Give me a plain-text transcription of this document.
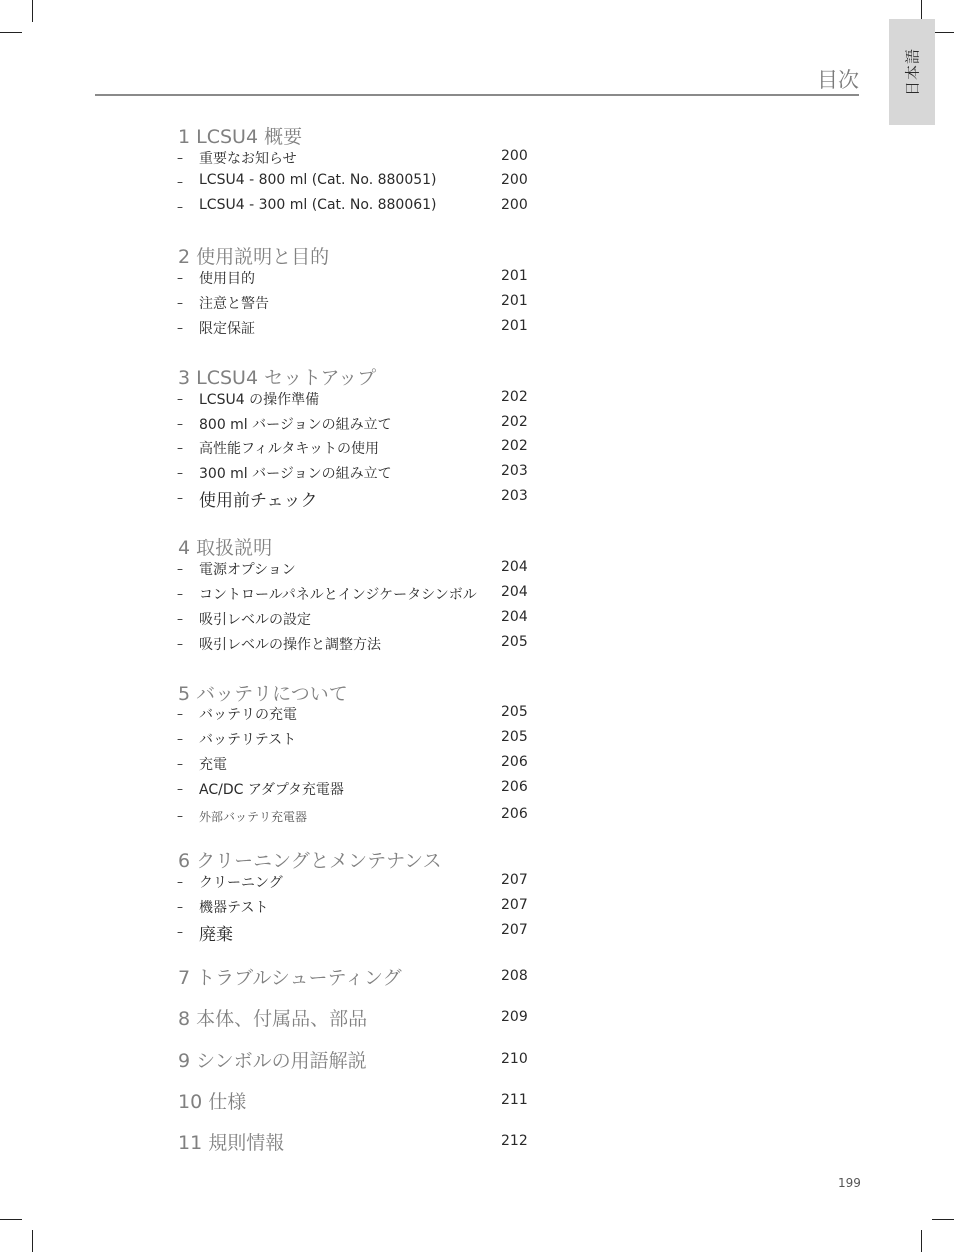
日本語
目次
1 LCSU4 概要
– 重要なお知らせ	200
– LCSU4 - 800 ml (Cat. No. 880051)	200
– LCSU4 - 300 ml (Cat. No. 880061)	200
2 使用説明と目的
– 使用目的	201
– 注意と警告	201
– 限定保証	201
3 LCSU4 セットアップ
– LCSU4 の操作準備	202
– 800 ml バージョンの組み立て	202
– 高性能フィルタキットの使用	202
– 300 ml バージョンの組み立て	203
– 使用前チェック	203
4 取扱説明
– 電源オプション	204
– コントロールパネルとインジケータシンボル 204
– 吸引レベルの設定	204
– 吸引レベルの操作と調整方法	205
5 バッテリについて
– バッテリの充電	205
– バッテリテスト	205
– 充電	206
– AC/DC アダプタ充電器	206
– 外部バッテリ充電器	206
6 クリーニングとメンテナンス
– クリーニング	207
– 機器テスト	207
– 廃棄	207
7 トラブルシューティング	208
8 本体、付属品、部品	209
9 シンボルの用語解説	210
10 仕様	211
11 規則情報	212
199
